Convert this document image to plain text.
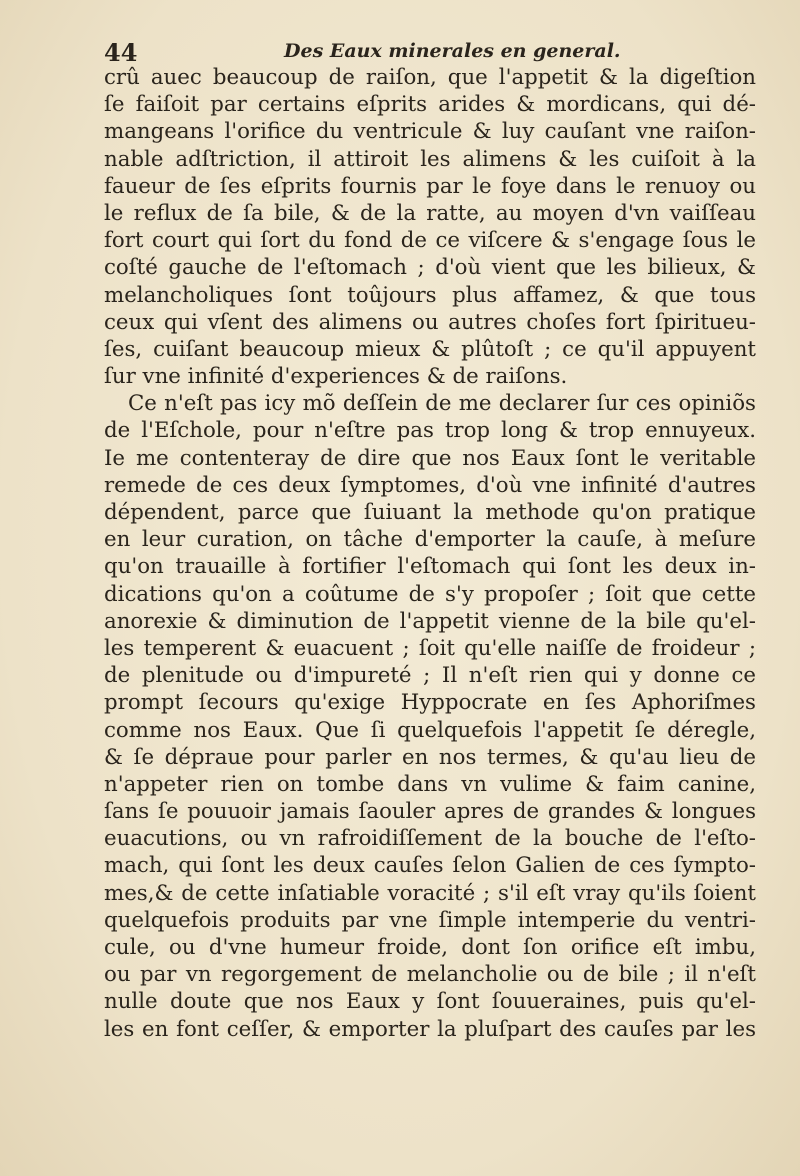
44	Des Eaux minerales en general.
crû auec beaucoup de raiſon, que l'appetit & la digeſtion
ſe faiſoit par certains eſprits arides & mordicans, qui dé-
mangeans l'orifice du ventricule & luy cauſant vne raiſon-
nable adſtriction, il attiroit les alimens & les cuiſoit à la
faueur de ſes eſprits fournis par le foye dans le renuoy ou
le reflux de ſa bile, & de la ratte, au moyen d'vn vaiſſeau
fort court qui ſort du fond de ce viſcere & s'engage ſous le
coſté gauche de l'eſtomach ; d'où vient que les bilieux, &
melancholiques ſont toûjours plus affamez, & que tous
ceux qui vſent des alimens ou autres choſes fort ſpiritueu-
ſes, cuiſant beaucoup mieux & plûtoſt ; ce qu'il appuyent
ſur vne infinité d'experiences & de raiſons.
Ce n'eſt pas icy mõ deſſein de me declarer ſur ces opiniõs
de l'Eſchole, pour n'eſtre pas trop long & trop ennuyeux.
Ie me contenteray de dire que nos Eaux ſont le veritable
remede de ces deux ſymptomes, d'où vne infinité d'autres
dépendent, parce que ſuiuant la methode qu'on pratique
en leur curation, on tâche d'emporter la cauſe, à meſure
qu'on trauaille à fortifier l'eſtomach qui ſont les deux in-
dications qu'on a coûtume de s'y propoſer ; ſoit que cette
anorexie & diminution de l'appetit vienne de la bile qu'el-
les temperent & euacuent ; ſoit qu'elle naiſſe de froideur ;
de plenitude ou d'impureté ; Il n'eſt rien qui y donne ce
prompt ſecours qu'exige Hyppocrate en ſes Aphoriſmes
comme nos Eaux. Que ſi quelquefois l'appetit ſe déregle,
& ſe dépraue pour parler en nos termes, & qu'au lieu de
n'appeter rien on tombe dans vn vulime & faim canine,
ſans ſe pouuoir jamais ſaouler apres de grandes & longues
euacutions, ou vn rafroidiſſement de la bouche de l'eſto-
mach, qui ſont les deux cauſes ſelon Galien de ces ſympto-
mes,& de cette inſatiable voracité ; s'il eſt vray qu'ils ſoient
quelquefois produits par vne ſimple intemperie du ventri-
cule, ou d'vne humeur froide, dont ſon orifice eſt imbu,
ou par vn regorgement de melancholie ou de bile ; il n'eſt
nulle doute que nos Eaux y ſont ſouueraines, puis qu'el-
les en font ceſſer, & emporter la pluſpart des cauſes par les
